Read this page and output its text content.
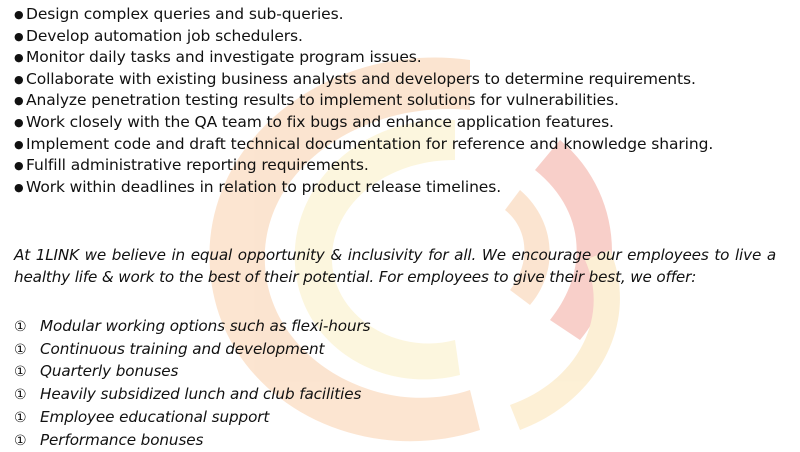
● Design complex queries and sub-queries.
● Develop automation job schedulers.
● Monitor daily tasks and investigate program issues.
● Collaborate with existing business analysts and developers to determine requirements.
● Analyze penetration testing results to implement solutions for vulnerabilities.
● Work closely with the QA team to fix bugs and enhance application features.
● Implement code and draft technical documentation for reference and knowledge sharing.
● Fulfill administrative reporting requirements.
● Work within deadlines in relation to product release timelines.

At 1LINK we believe in equal opportunity & inclusivity for all. We encourage our employees to live a healthy life & work to the best of their potential. For employees to give their best, we offer:

① Modular working options such as flexi-hours
① Continuous training and development
① Quarterly bonuses
① Heavily subsidized lunch and club facilities
① Employee educational support
① Performance bonuses
